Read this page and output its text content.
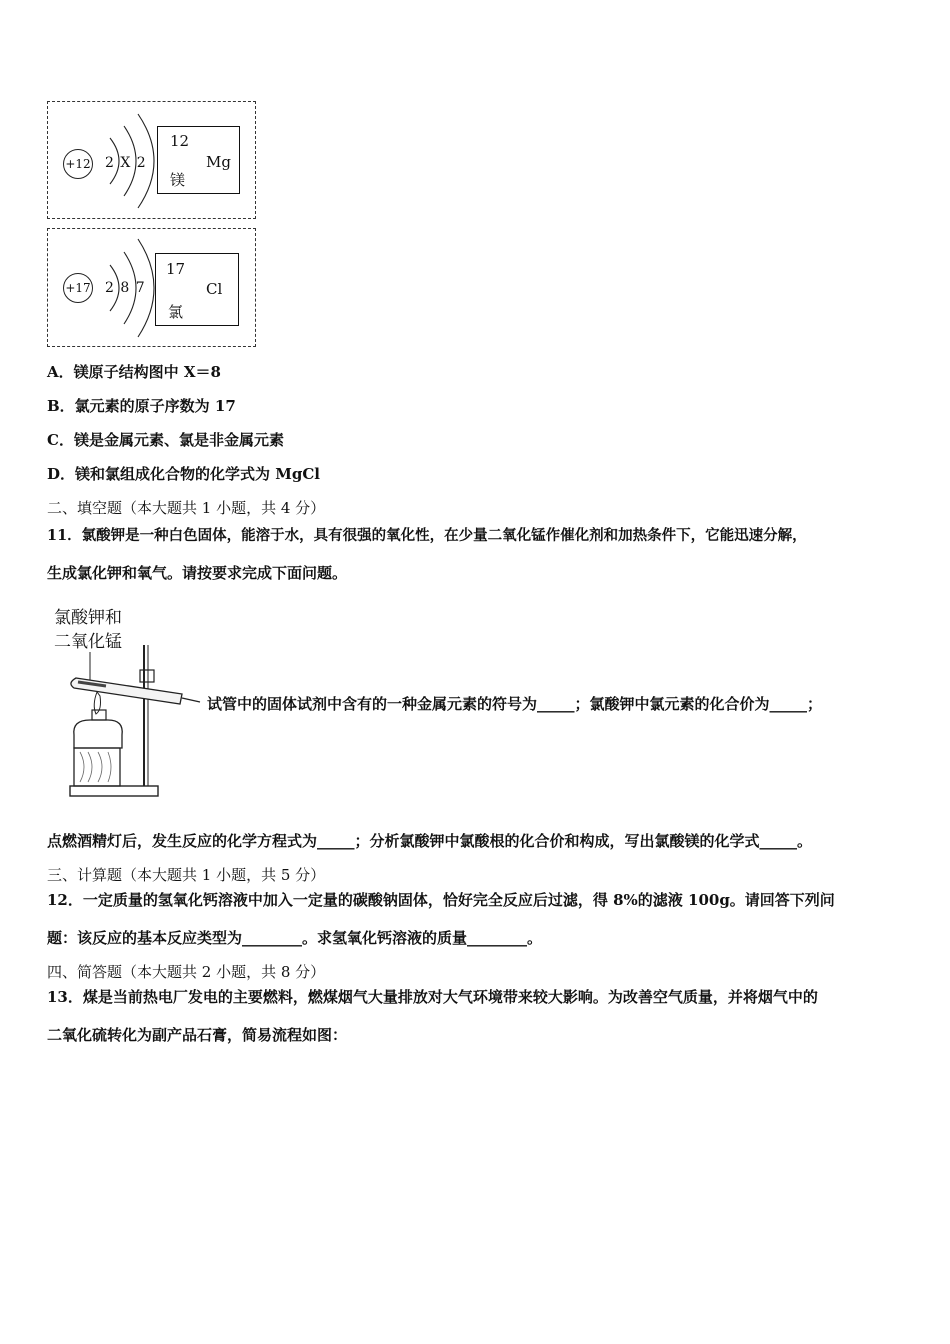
+12 2 X 2
12
Mg
镁
+17 2 8 7
17
Cl
氯
A．镁原子结构图中 X＝8
B．氯元素的原子序数为 17
C．镁是金属元素、氯是非金属元素
D．镁和氯组成化合物的化学式为 MgCl
二、填空题（本大题共 1 小题，共 4 分）
11．氯酸钾是一种白色固体，能溶于水，具有很强的氧化性，在少量二氧化锰作催化剂和加热条件下，它能迅速分解，
生成氯化钾和氧气。请按要求完成下面问题。
氯酸钾和
二氧化锰
试管中的固体试剂中含有的一种金属元素的符号为_____；氯酸钾中氯元素的化合价为_____；
点燃酒精灯后，发生反应的化学方程式为_____；分析氯酸钾中氯酸根的化合价和构成，写出氯酸镁的化学式_____。
三、计算题（本大题共 1 小题，共 5 分）
12．一定质量的氢氧化钙溶液中加入一定量的碳酸钠固体，恰好完全反应后过滤，得 8%的滤液 100g。请回答下列问
题：该反应的基本反应类型为________。求氢氧化钙溶液的质量________。
四、简答题（本大题共 2 小题，共 8 分）
13．煤是当前热电厂发电的主要燃料，燃煤烟气大量排放对大气环境带来较大影响。为改善空气质量，并将烟气中的
二氧化硫转化为副产品石膏，简易流程如图：
